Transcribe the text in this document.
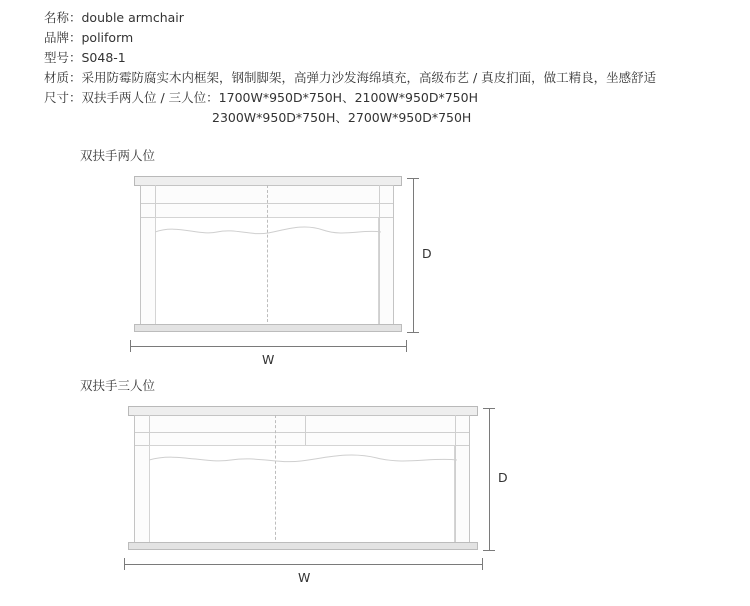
名称：double armchair
品牌：poliform
型号：S048-1
材质：采用防霉防腐实木内框架，钢制脚架，高弹力沙发海绵填充，高级布艺 / 真皮扪面，做工精良，坐感舒适
尺寸：双扶手两人位 / 三人位：1700W*950D*750H、2100W*950D*750H
2300W*950D*750H、2700W*950D*750H
双扶手两人位
D
W
双扶手三人位
D
W
